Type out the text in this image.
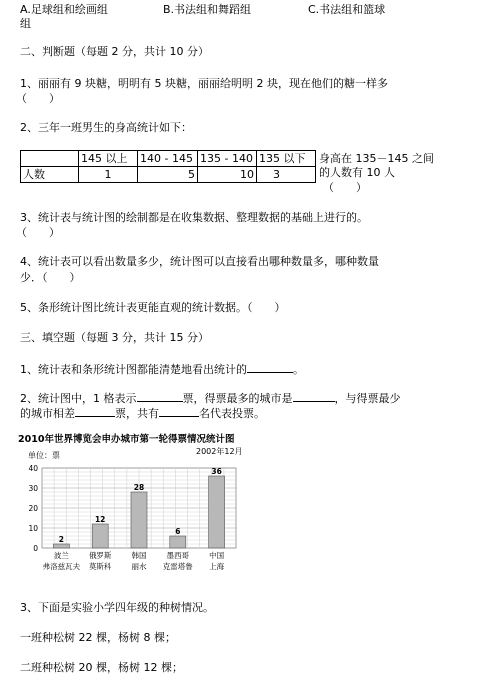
A.足球组和绘画组	B.书法组和舞蹈组	C.书法组和篮球
组
二、判断题（每题 2 分，共计 10 分）
1、丽丽有 9 块糖，明明有 5 块糖，丽丽给明明 2 块，现在他们的糖一样多
（　　）
2、三年一班男生的身高统计如下：
	145 以上	140 - 145	135 - 140	135 以下
人数	1	5	10	3
身高在 135－145 之间
的人数有 10 人
（　　）
3、统计表与统计图的绘制都是在收集数据、整理数据的基础上进行的。
（　　）
4、统计表可以看出数量多少，统计图可以直接看出哪种数量多，哪种数量
少．（　　）
5、条形统计图比统计表更能直观的统计数据。（　　）
三、填空题（每题 3 分，共计 15 分）
1、统计表和条形统计图都能清楚地看出统计的	。
2、统计图中，1 格表示	票，得票最多的城市是	，与得票最少
的城市相差	票，共有	名代表投票。
2010年世界博览会申办城市第一轮得票情况统计图
单位：票	2002年12月
0
10
20
30
40
2
波兰
弗洛兹瓦夫
12
俄罗斯
莫斯科
28
韩国
丽水
6
墨西哥
克雷塔鲁
36
中国
上海
3、下面是实验小学四年级的种树情况。
一班种松树 22 棵，杨树 8 棵；
二班种松树 20 棵，杨树 12 棵；
